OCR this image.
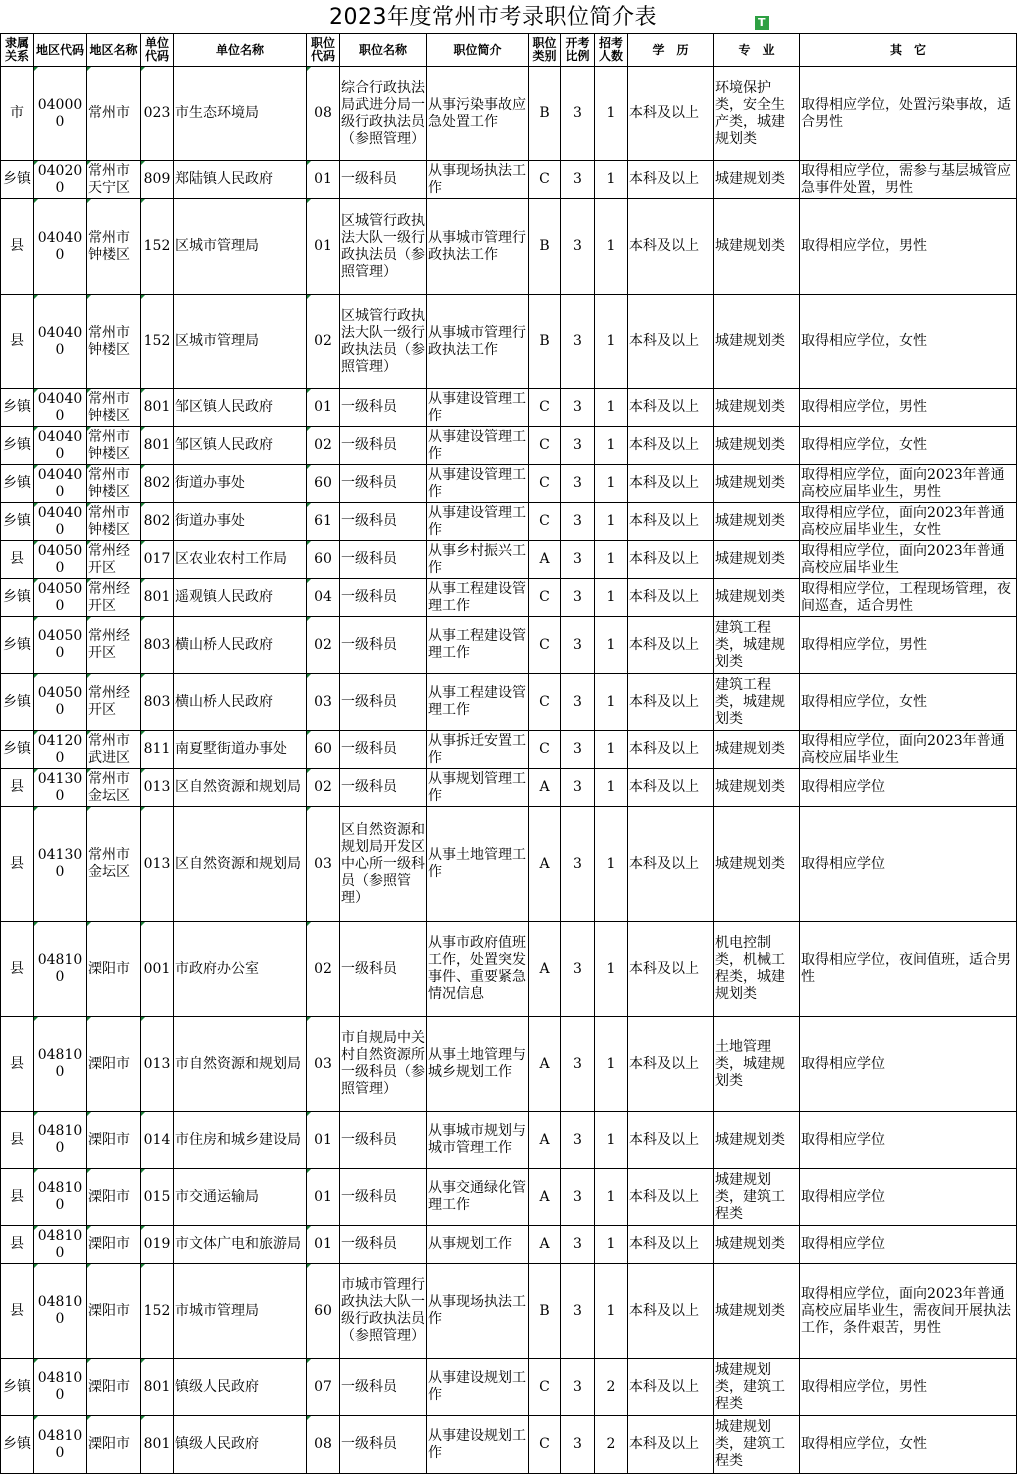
2023年度常州市考录职位简介表	T
隶属关系	地区代码	地区名称	单位代码	单位名称	职位代码	职位名称	职位简介	职位类别	开考比例	招考人数	学　历	专　业	其　它

市	040000	常州市	023	市生态环境局	08	综合行政执法局武进分局一级行政执法员（参照管理）	从事污染事故应急处置工作	B	3	1	本科及以上	环境保护类，安全生产类，城建规划类	取得相应学位，处置污染事故，适合男性

乡镇	040200	常州市天宁区	809	郑陆镇人民政府	01	一级科员	从事现场执法工作	C	3	1	本科及以上	城建规划类	取得相应学位，需参与基层城管应急事件处置，男性

县	040400	常州市钟楼区	152	区城市管理局	01	区城管行政执法大队一级行政执法员（参照管理）	从事城市管理行政执法工作	B	3	1	本科及以上	城建规划类	取得相应学位，男性

县	040400	常州市钟楼区	152	区城市管理局	02	区城管行政执法大队一级行政执法员（参照管理）	从事城市管理行政执法工作	B	3	1	本科及以上	城建规划类	取得相应学位，女性

乡镇	040400	常州市钟楼区	801	邹区镇人民政府	01	一级科员	从事建设管理工作	C	3	1	本科及以上	城建规划类	取得相应学位，男性

乡镇	040400	常州市钟楼区	801	邹区镇人民政府	02	一级科员	从事建设管理工作	C	3	1	本科及以上	城建规划类	取得相应学位，女性

乡镇	040400	常州市钟楼区	802	街道办事处	60	一级科员	从事建设管理工作	C	3	1	本科及以上	城建规划类	取得相应学位，面向2023年普通高校应届毕业生，男性

乡镇	040400	常州市钟楼区	802	街道办事处	61	一级科员	从事建设管理工作	C	3	1	本科及以上	城建规划类	取得相应学位，面向2023年普通高校应届毕业生，女性

县	040500	常州经开区	017	区农业农村工作局	60	一级科员	从事乡村振兴工作	A	3	1	本科及以上	城建规划类	取得相应学位，面向2023年普通高校应届毕业生

乡镇	040500	常州经开区	801	遥观镇人民政府	04	一级科员	从事工程建设管理工作	C	3	1	本科及以上	城建规划类	取得相应学位，工程现场管理，夜间巡查，适合男性

乡镇	040500	常州经开区	803	横山桥人民政府	02	一级科员	从事工程建设管理工作	C	3	1	本科及以上	建筑工程类，城建规划类	取得相应学位，男性

乡镇	040500	常州经开区	803	横山桥人民政府	03	一级科员	从事工程建设管理工作	C	3	1	本科及以上	建筑工程类，城建规划类	取得相应学位，女性

乡镇	041200	常州市武进区	811	南夏墅街道办事处	60	一级科员	从事拆迁安置工作	C	3	1	本科及以上	城建规划类	取得相应学位，面向2023年普通高校应届毕业生

县	041300	常州市金坛区	013	区自然资源和规划局	02	一级科员	从事规划管理工作	A	3	1	本科及以上	城建规划类	取得相应学位

县	041300	常州市金坛区	013	区自然资源和规划局	03	区自然资源和规划局开发区中心所一级科员（参照管理）	从事土地管理工作	A	3	1	本科及以上	城建规划类	取得相应学位

县	048100	溧阳市	001	市政府办公室	02	一级科员	从事市政府值班工作，处置突发事件、重要紧急情况信息	A	3	1	本科及以上	机电控制类，机械工程类，城建规划类	取得相应学位，夜间值班，适合男性

县	048100	溧阳市	013	市自然资源和规划局	03	市自规局中关村自然资源所一级科员（参照管理）	从事土地管理与城乡规划工作	A	3	1	本科及以上	土地管理类，城建规划类	取得相应学位

县	048100	溧阳市	014	市住房和城乡建设局	01	一级科员	从事城市规划与城市管理工作	A	3	1	本科及以上	城建规划类	取得相应学位

县	048100	溧阳市	015	市交通运输局	01	一级科员	从事交通绿化管理工作	A	3	1	本科及以上	城建规划类，建筑工程类	取得相应学位

县	048100	溧阳市	019	市文体广电和旅游局	01	一级科员	从事规划工作	A	3	1	本科及以上	城建规划类	取得相应学位

县	048100	溧阳市	152	市城市管理局	60	市城市管理行政执法大队一级行政执法员（参照管理）	从事现场执法工作	B	3	1	本科及以上	城建规划类	取得相应学位，面向2023年普通高校应届毕业生，需夜间开展执法工作，条件艰苦，男性

乡镇	048100	溧阳市	801	镇级人民政府	07	一级科员	从事建设规划工作	C	3	2	本科及以上	城建规划类，建筑工程类	取得相应学位，男性

乡镇	048100	溧阳市	801	镇级人民政府	08	一级科员	从事建设规划工作	C	3	2	本科及以上	城建规划类，建筑工程类	取得相应学位，女性
